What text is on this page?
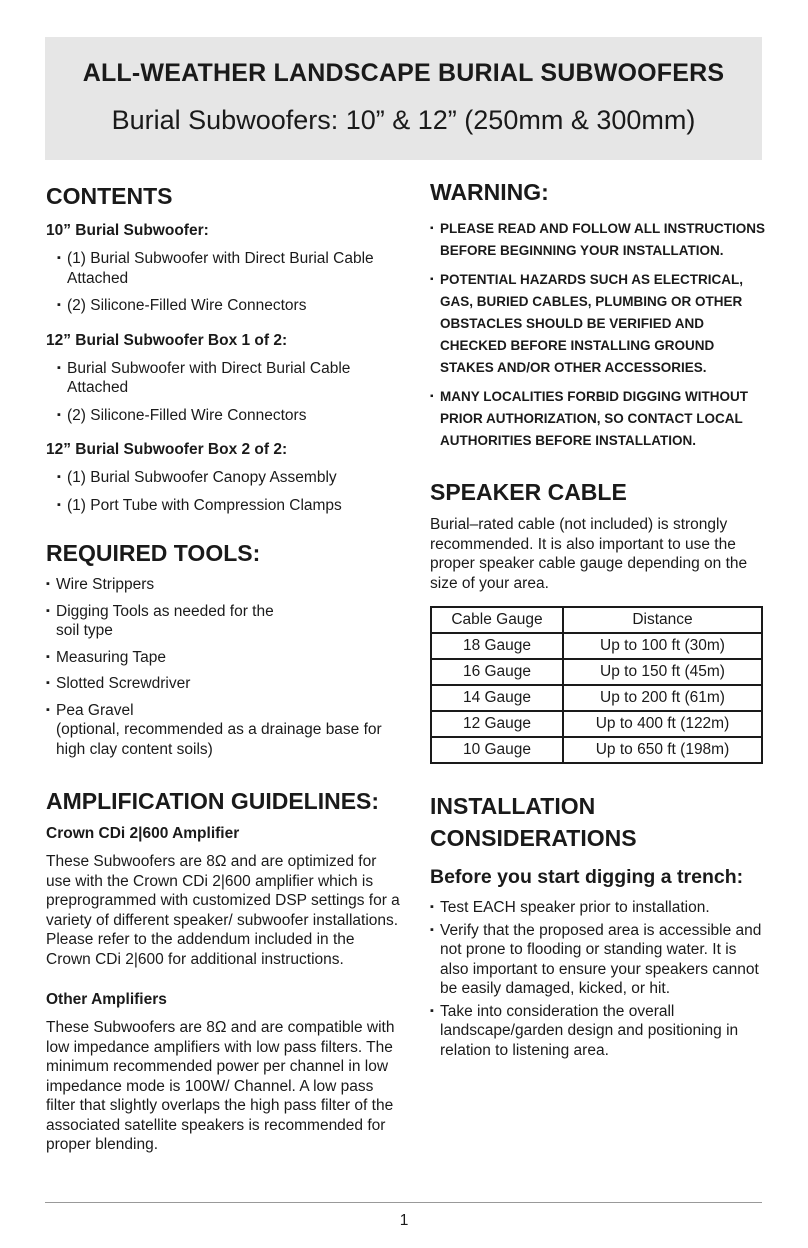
ALL-WEATHER LANDSCAPE BURIAL SUBWOOFERS
Burial Subwoofers: 10” & 12” (250mm & 300mm)
CONTENTS
10” Burial Subwoofer:
▪ (1) Burial Subwoofer with Direct Burial Cable Attached
▪ (2) Silicone-Filled Wire Connectors
12” Burial Subwoofer Box 1 of 2:
▪ Burial Subwoofer with Direct Burial Cable Attached
▪ (2) Silicone-Filled Wire Connectors
12” Burial Subwoofer Box 2 of 2:
▪ (1) Burial Subwoofer Canopy Assembly
▪ (1) Port Tube with Compression Clamps
REQUIRED TOOLS:
▪ Wire Strippers
▪ Digging Tools as needed for the soil type
▪ Measuring Tape
▪ Slotted Screwdriver
▪ Pea Gravel
(optional, recommended as a drainage base for high clay content soils)
AMPLIFICATION GUIDELINES:
Crown CDi 2|600 Amplifier

These Subwoofers are 8Ω and are optimized for use with the Crown CDi 2|600 amplifier which is preprogrammed with customized DSP settings for a variety of different speaker/ subwoofer installations. Please refer to the addendum included in the Crown CDi 2|600 for additional instructions.

Other Amplifiers

These Subwoofers are 8Ω and are compatible with low impedance amplifiers with low pass filters. The minimum recommended power per channel in low impedance mode is 100W/ Channel. A low pass filter that slightly overlaps the high pass filter of the associated satellite speakers is recommended for proper blending.

WARNING:
▪ PLEASE READ AND FOLLOW ALL INSTRUCTIONS BEFORE BEGINNING YOUR INSTALLATION.
▪ POTENTIAL HAZARDS SUCH AS ELECTRICAL, GAS, BURIED CABLES, PLUMBING OR OTHER OBSTACLES SHOULD BE VERIFIED AND CHECKED BEFORE INSTALLING GROUND STAKES AND/OR OTHER ACCESSORIES.
▪ MANY LOCALITIES FORBID DIGGING WITHOUT PRIOR AUTHORIZATION, SO CONTACT LOCAL AUTHORITIES BEFORE INSTALLATION.
SPEAKER CABLE

Burial–rated cable (not included) is strongly recommended. It is also important to use the proper speaker cable gauge depending on the size of your area.

Cable Gauge	Distance
18 Gauge	Up to 100 ft (30m)
16 Gauge	Up to 150 ft (45m)
14 Gauge	Up to 200 ft (61m)
12 Gauge	Up to 400 ft (122m)
10 Gauge	Up to 650 ft (198m)
INSTALLATION
CONSIDERATIONS
Before you start digging a trench:
▪ Test EACH speaker prior to installation.
▪ Verify that the proposed area is accessible and not prone to flooding or standing water. It is also important to ensure your speakers cannot be easily damaged, kicked, or hit.
▪ Take into consideration the overall landscape/garden design and positioning in relation to listening area.
1
